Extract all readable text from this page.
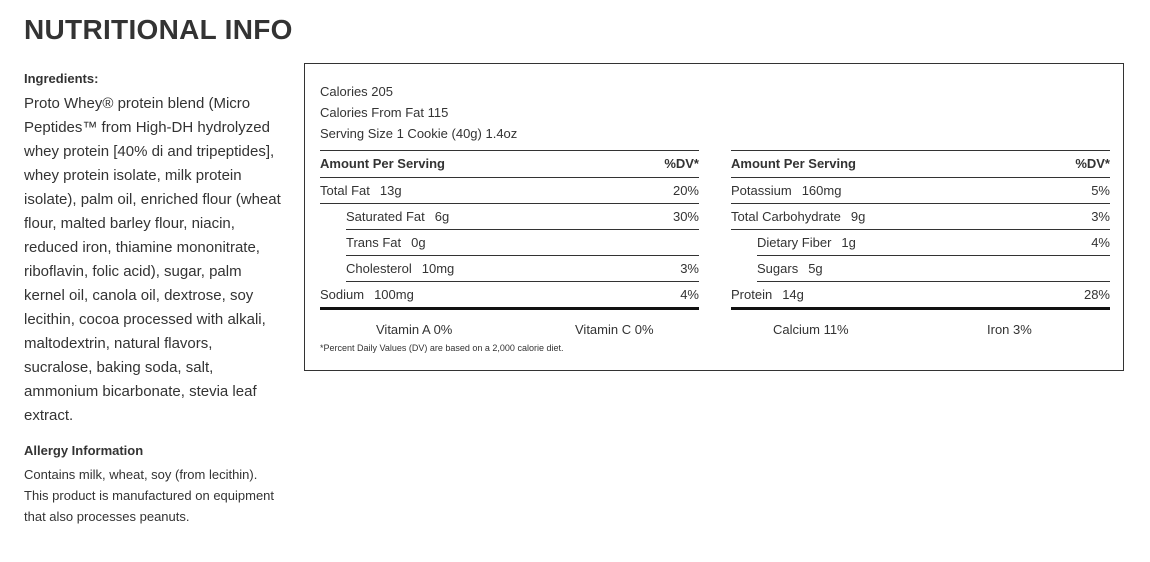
NUTRITIONAL INFO
Ingredients:

Proto Whey® protein blend (Micro Peptides™ from High-DH hydrolyzed whey protein [40% di and tripeptides], whey protein isolate, milk protein isolate), palm oil, enriched flour (wheat flour, malted barley flour, niacin, reduced iron, thiamine mononitrate, riboflavin, folic acid), sugar, palm kernel oil, canola oil, dextrose, soy lecithin, cocoa processed with alkali, maltodextrin, natural flavors, sucralose, baking soda, salt, ammonium bicarbonate, stevia leaf extract.

Allergy Information

Contains milk, wheat, soy (from lecithin). This product is manufactured on equipment that also processes peanuts.

Calories 205
Calories From Fat 115
Serving Size 1 Cookie (40g) 1.4oz
Amount Per Serving	%DV*
Total Fat 13g	20%
Saturated Fat 6g	30%
Trans Fat 0g
Cholesterol 10mg	3%
Sodium 100mg	4%
Amount Per Serving	%DV*
Potassium 160mg	5%
Total Carbohydrate 9g	3%
Dietary Fiber 1g	4%
Sugars 5g
Protein 14g	28%
Vitamin A 0%	Vitamin C 0%	Calcium 11%	Iron 3%
*Percent Daily Values (DV) are based on a 2,000 calorie diet.
